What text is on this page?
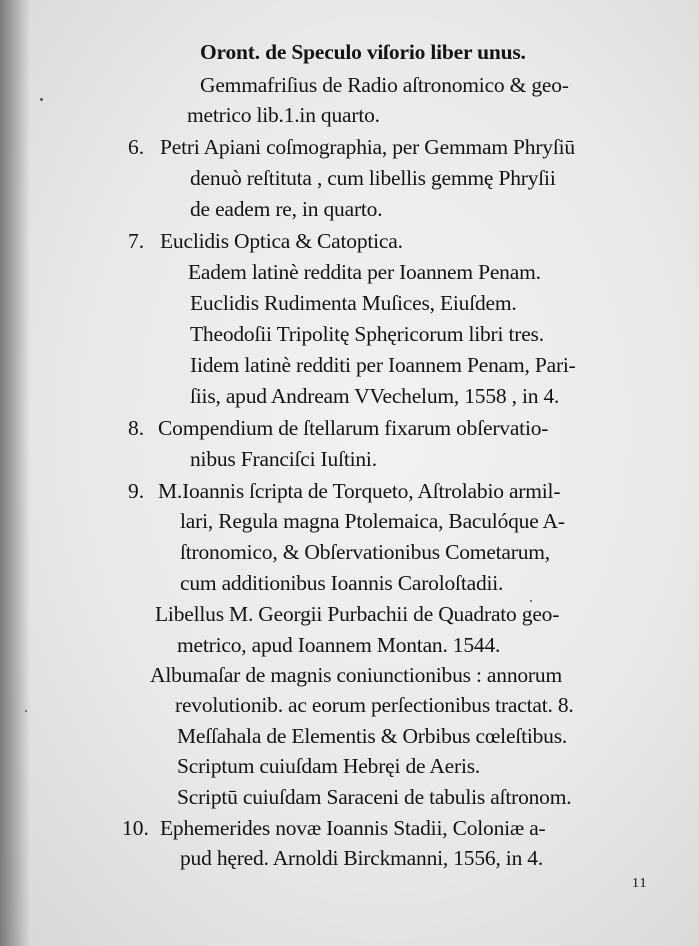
Oront. de Speculo viſorio liber unus.
Gemmafriſius de Radio aſtronomico & geo-
metrico lib.1.in quarto.
6. Petri Apiani coſmographia, per Gemmam Phryſiū
denuò reſtituta , cum libellis gemmę Phryſii
de eadem re, in quarto.
7. Euclidis Optica & Catoptica.
Eadem latinè reddita per Ioannem Penam.
Euclidis Rudimenta Muſices, Eiuſdem.
Theodoſii Tripolitę Sphęricorum libri tres.
Iidem latinè redditi per Ioannem Penam, Pari-
ſiis, apud Andream VVechelum, 1558 , in 4.
8. Compendium de ſtellarum fixarum obſervatio-
nibus Franciſci Iuſtini.
9. M.Ioannis ſcripta de Torqueto, Aſtrolabio armil-
lari, Regula magna Ptolemaica, Baculóque A-
ſtronomico, & Obſervationibus Cometarum,
cum additionibus Ioannis Caroloſtadii.
Libellus M. Georgii Purbachii de Quadrato geo-
metrico, apud Ioannem Montan. 1544.
Albumaſar de magnis coniunctionibus : annorum
revolutionib. ac eorum perſectionibus tractat. 8.
Meſſahala de Elementis & Orbibus cœleſtibus.
Scriptum cuiuſdam Hebręi de Aeris.
Scriptū cuiuſdam Saraceni de tabulis aſtronom.
10. Ephemerides novæ Ioannis Stadii, Coloniæ a-
pud hęred. Arnoldi Birckmanni, 1556, in 4.
11
